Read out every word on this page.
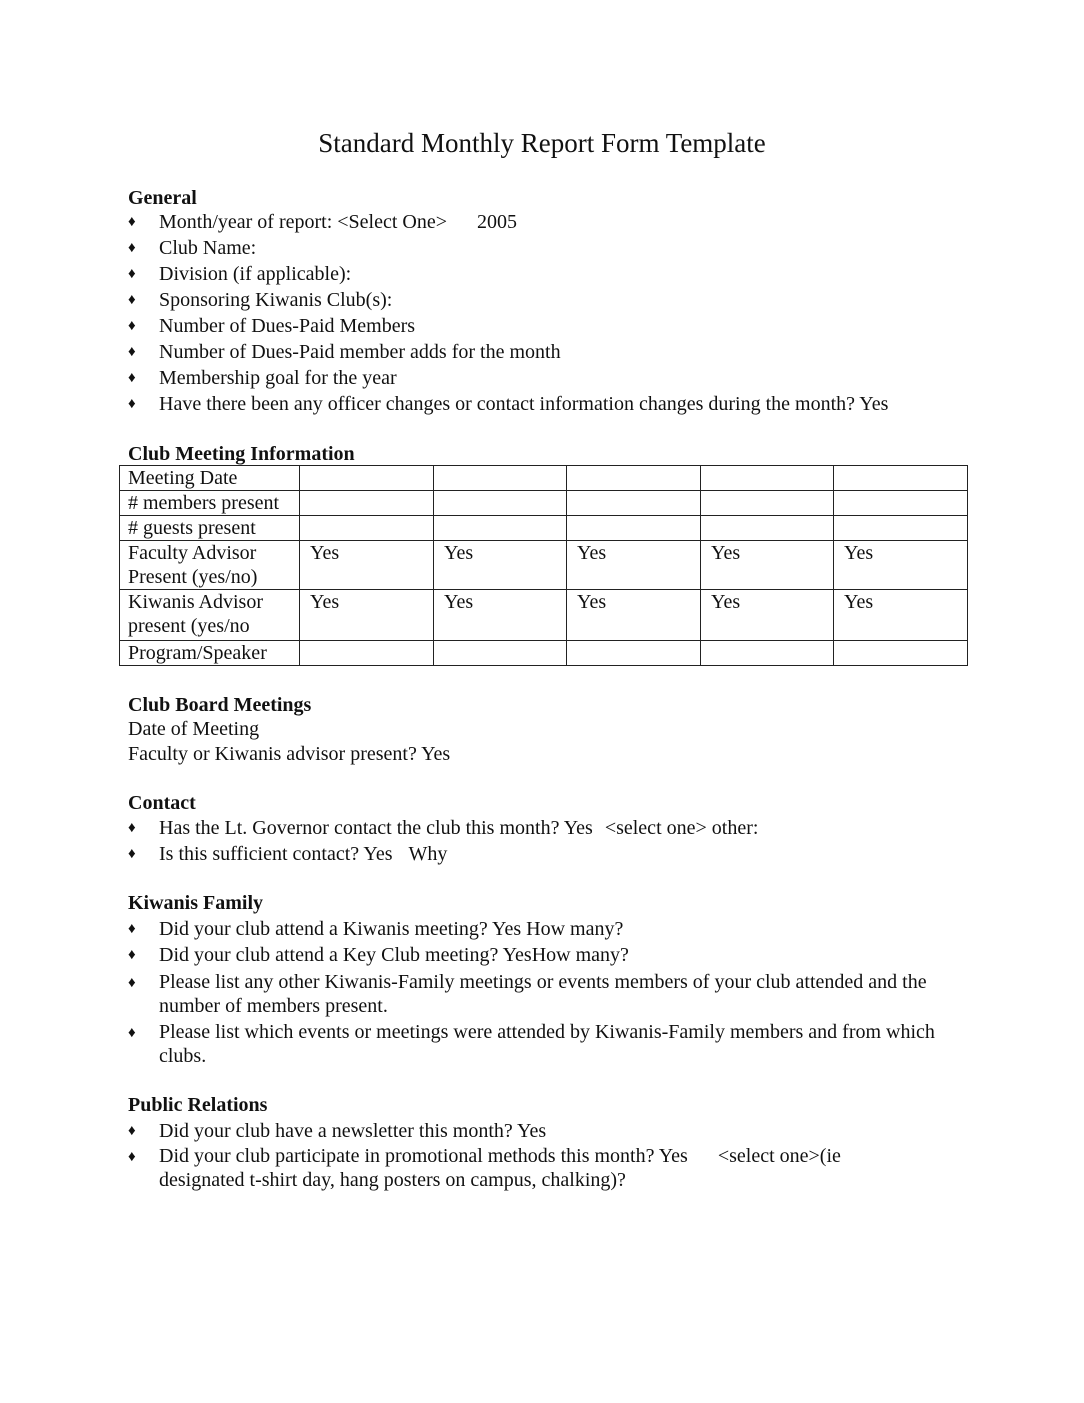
Standard Monthly Report Form Template
General
♦ Month/year of report: <Select One> 2005
♦ Club Name:
♦ Division (if applicable):
♦ Sponsoring Kiwanis Club(s):
♦ Number of Dues-Paid Members
♦ Number of Dues-Paid member adds for the month
♦ Membership goal for the year
♦ Have there been any officer changes or contact information changes during the month? Yes
Club Meeting Information
Meeting Date					
# members present					
# guests present					
Faculty Advisor
Present (yes/no)	Yes	Yes	Yes	Yes	Yes
Kiwanis Advisor
present (yes/no	Yes	Yes	Yes	Yes	Yes
Program/Speaker					
Club Board Meetings
Date of Meeting
Faculty or Kiwanis advisor present? Yes
Contact
♦ Has the Lt. Governor contact the club this month? Yes <select one> other:
♦ Is this sufficient contact? Yes Why
Kiwanis Family
♦ Did your club attend a Kiwanis meeting? Yes How many?
♦ Did your club attend a Key Club meeting? YesHow many?
♦ Please list any other Kiwanis-Family meetings or events members of your club attended and the number of members present.
♦ Please list which events or meetings were attended by Kiwanis-Family members and from which clubs.
Public Relations
♦ Did your club have a newsletter this month? Yes
♦ Did your club participate in promotional methods this month? Yes <select one>(ie designated t-shirt day, hang posters on campus, chalking)?
